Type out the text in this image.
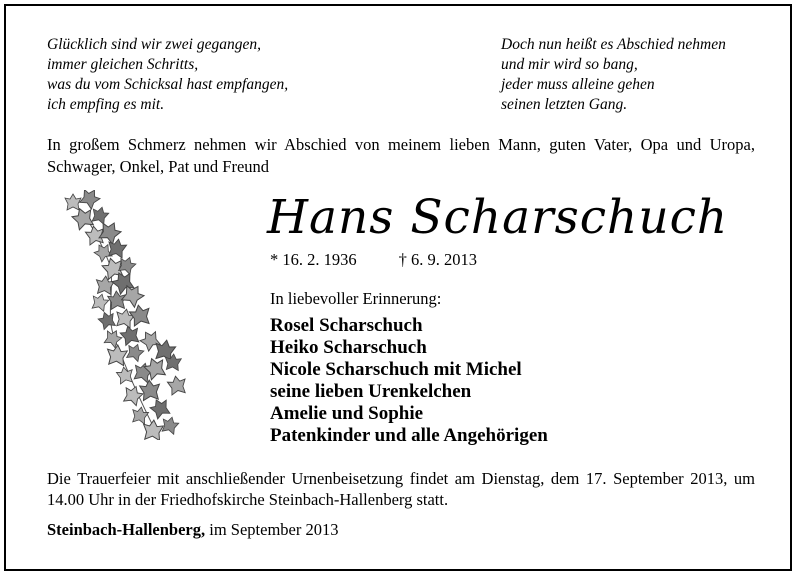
Glücklich sind wir zwei gegangen,
immer gleichen Schritts,
was du vom Schicksal hast empfangen,
ich empfing es mit.
Doch nun heißt es Abschied nehmen
und mir wird so bang,
jeder muss alleine gehen
seinen letzten Gang.
In großem Schmerz nehmen wir Abschied von meinem lieben Mann, guten Vater, Opa und Uropa, Schwager, Onkel, Pat und Freund
Hans Scharschuch
* 16. 2. 1936	† 6. 9. 2013
In liebevoller Erinnerung:
Rosel Scharschuch
Heiko Scharschuch
Nicole Scharschuch mit Michel
seine lieben Urenkelchen
Amelie und Sophie
Patenkinder und alle Angehörigen
Die Trauerfeier mit anschließender Urnenbeisetzung findet am Dienstag, dem 17. September 2013, um 14.00 Uhr in der Friedhofskirche Steinbach-Hallenberg statt.
Steinbach-Hallenberg, im September 2013
